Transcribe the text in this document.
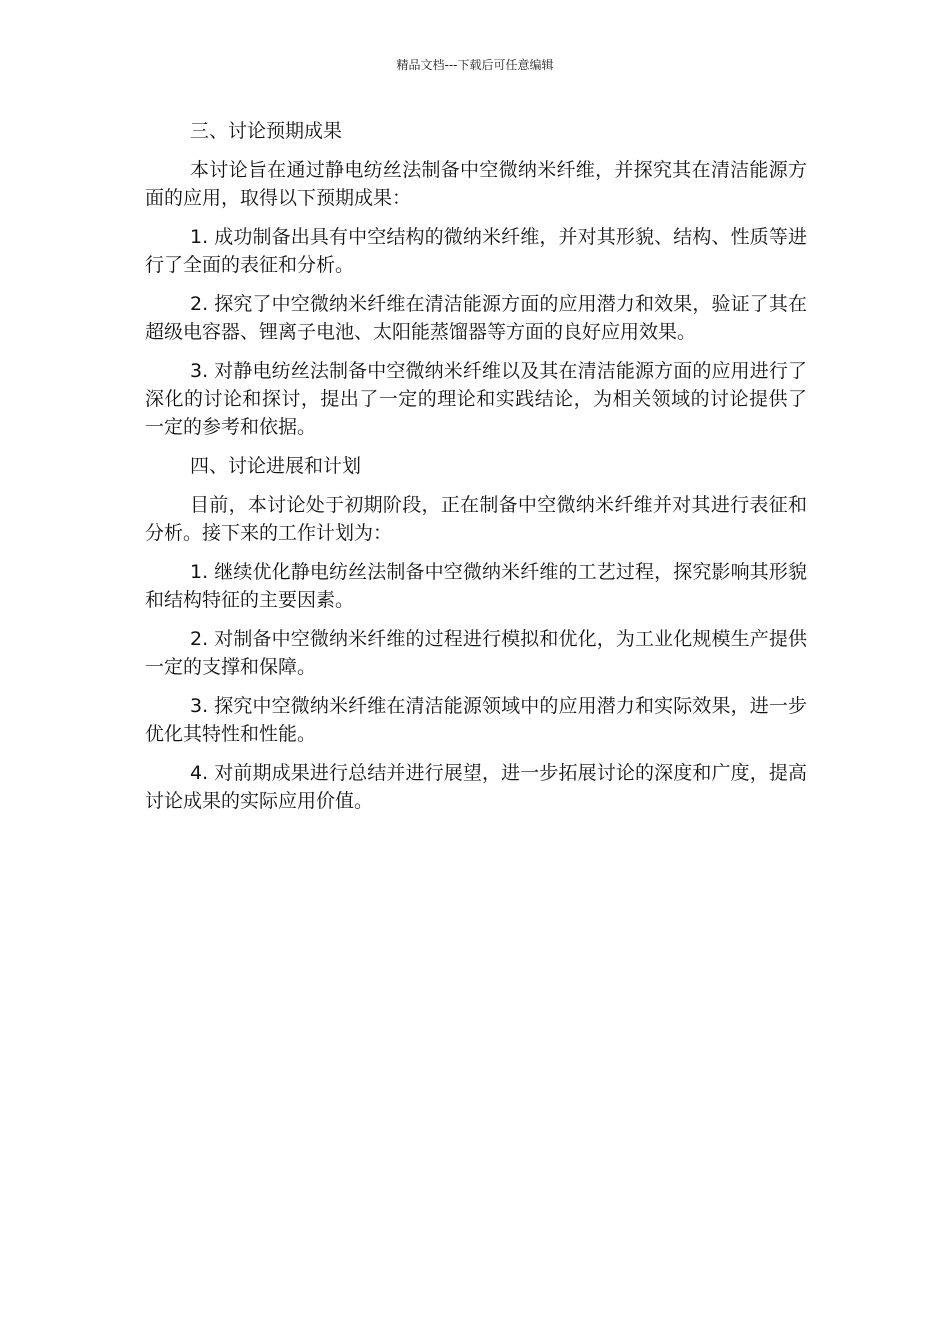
精品文档---下载后可任意编辑

三、讨论预期成果

本讨论旨在通过静电纺丝法制备中空微纳米纤维，并探究其在清洁能源方面的应用，取得以下预期成果：

1. 成功制备出具有中空结构的微纳米纤维，并对其形貌、结构、性质等进行了全面的表征和分析。

2. 探究了中空微纳米纤维在清洁能源方面的应用潜力和效果，验证了其在超级电容器、锂离子电池、太阳能蒸馏器等方面的良好应用效果。

3. 对静电纺丝法制备中空微纳米纤维以及其在清洁能源方面的应用进行了深化的讨论和探讨，提出了一定的理论和实践结论，为相关领域的讨论提供了一定的参考和依据。

四、讨论进展和计划

目前，本讨论处于初期阶段，正在制备中空微纳米纤维并对其进行表征和分析。接下来的工作计划为：

1. 继续优化静电纺丝法制备中空微纳米纤维的工艺过程，探究影响其形貌和结构特征的主要因素。

2. 对制备中空微纳米纤维的过程进行模拟和优化，为工业化规模生产提供一定的支撑和保障。

3. 探究中空微纳米纤维在清洁能源领域中的应用潜力和实际效果，进一步优化其特性和性能。

4. 对前期成果进行总结并进行展望，进一步拓展讨论的深度和广度，提高讨论成果的实际应用价值。
